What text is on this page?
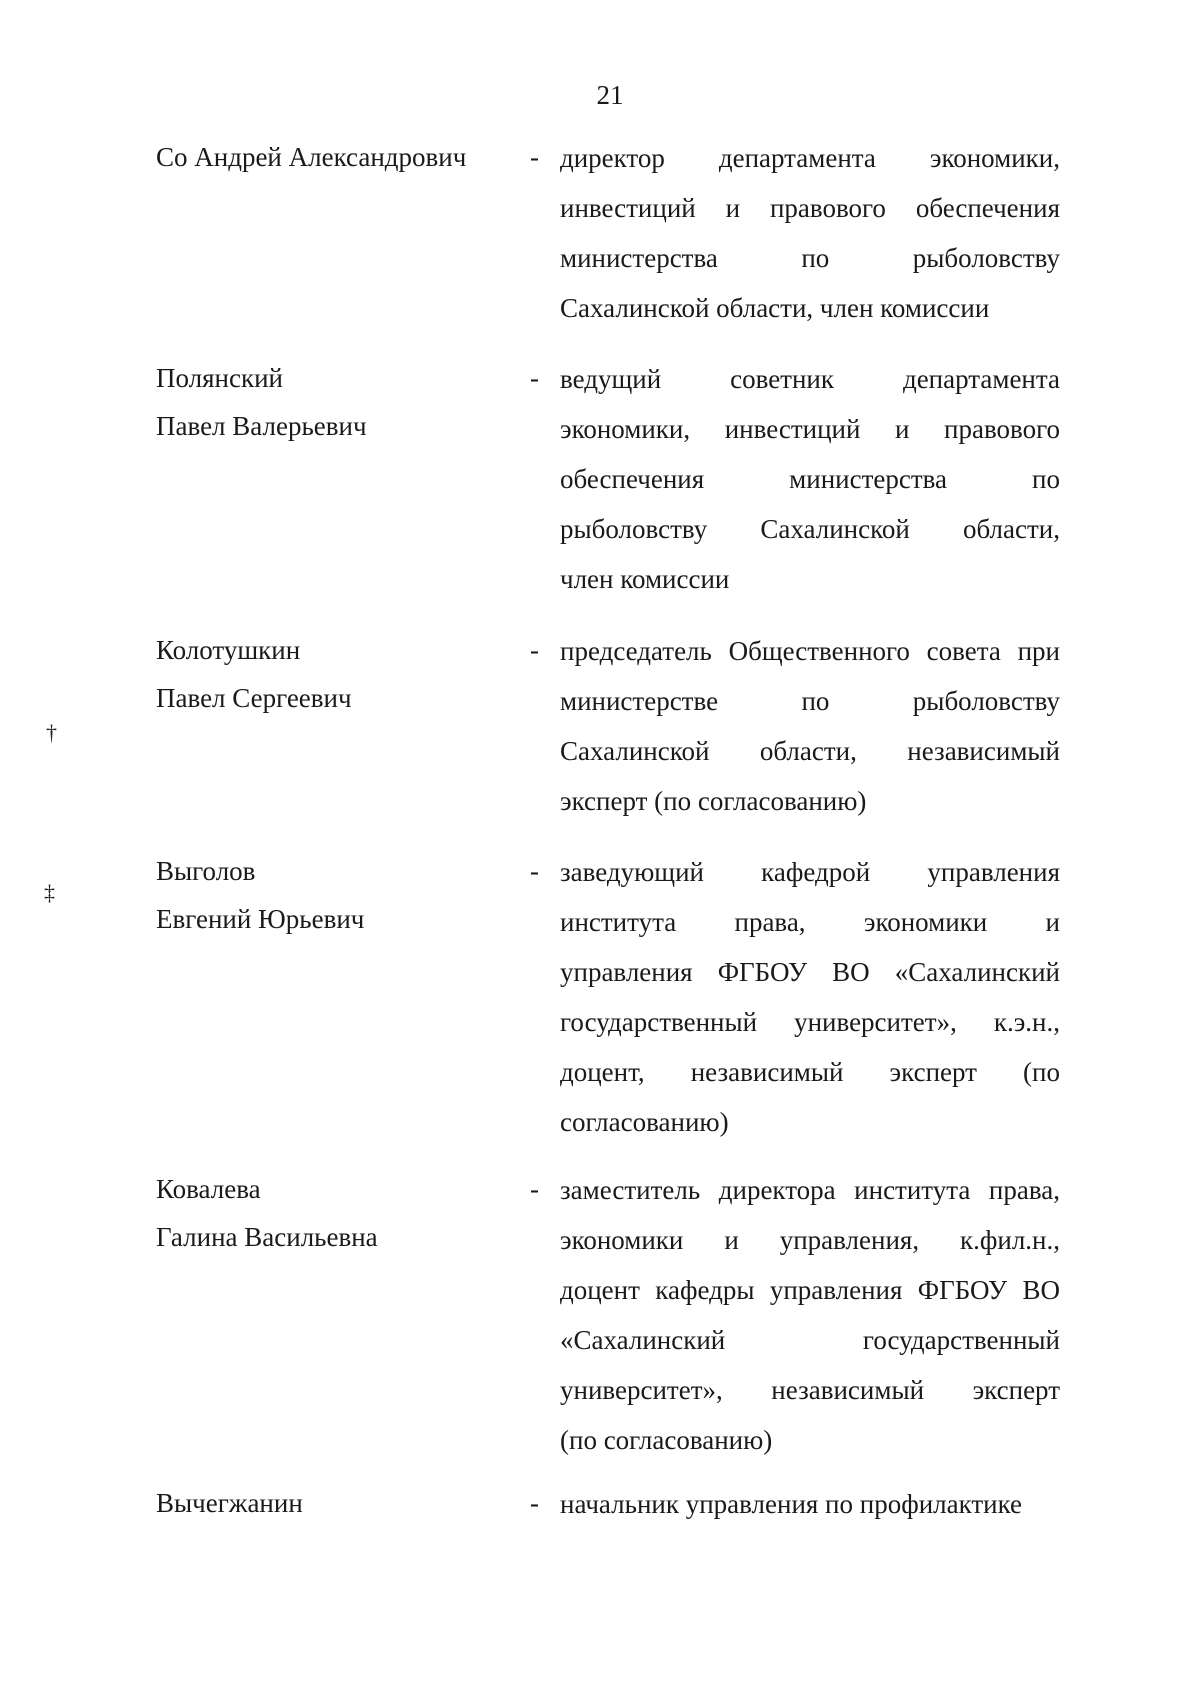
21
Со Андрей Александрович	- директор департамента экономики,
инвестиций и правового обеспечения
министерства по рыболовству
Сахалинской области, член комиссии
Полянский
Павел Валерьевич
- ведущий советник департамента
экономики, инвестиций и правового
обеспечения министерства по
рыболовству Сахалинской области,
член комиссии
Колотушкин
Павел Сергеевич
- председатель Общественного совета при
министерстве по рыболовству
Сахалинской области, независимый
эксперт (по согласованию)
Выголов
Евгений Юрьевич
- заведующий кафедрой управления
института права, экономики и
управления ФГБОУ ВО «Сахалинский
государственный университет», к.э.н.,
доцент, независимый эксперт (по
согласованию)
Ковалева
Галина Васильевна
- заместитель директора института права,
экономики и управления, к.фил.н.,
доцент кафедры управления ФГБОУ ВО
«Сахалинский государственный
университет», независимый эксперт
(по согласованию)
Вычегжанин	- начальник управления по профилактике
†
‡
